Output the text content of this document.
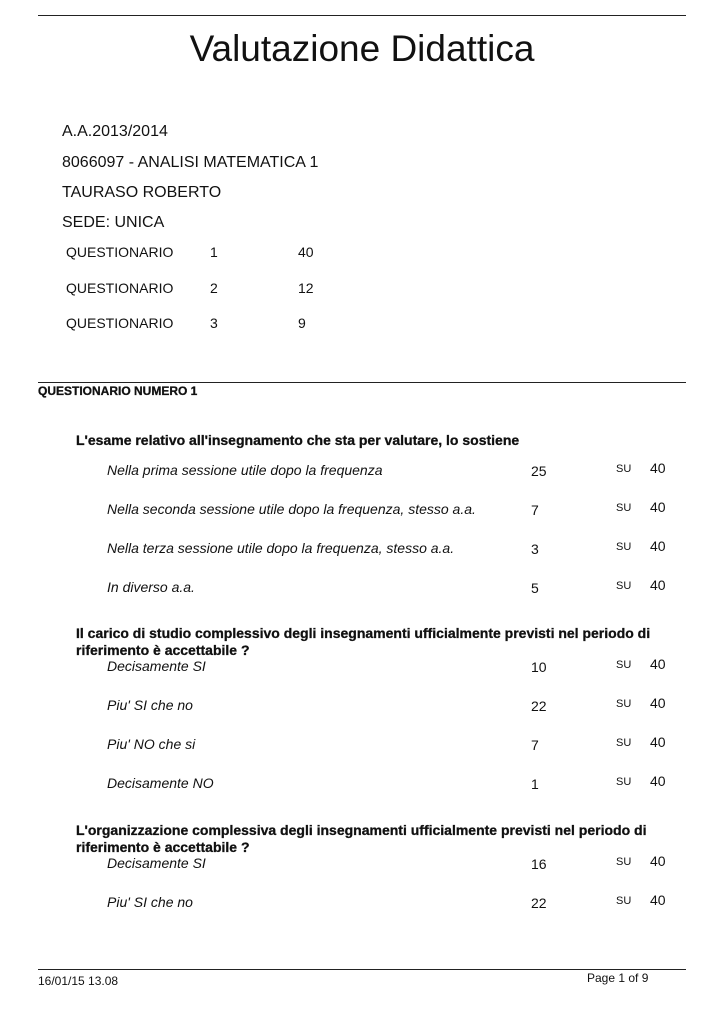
Valutazione Didattica
A.A.2013/2014
8066097 - ANALISI MATEMATICA 1
TAURASO ROBERTO
SEDE: UNICA
QUESTIONARIO	1	40
QUESTIONARIO	2	12
QUESTIONARIO	3	9
QUESTIONARIO NUMERO 1
L'esame relativo all'insegnamento che sta per valutare, lo sostiene
Nella prima sessione utile dopo la frequenza	25	SU 40
Nella seconda sessione utile dopo la frequenza, stesso a.a.	7	SU 40
Nella terza sessione utile dopo la frequenza, stesso a.a.	3	SU 40
In diverso a.a.	5	SU 40
Il carico di studio complessivo degli insegnamenti ufficialmente previsti nel periodo di riferimento è accettabile ?
Decisamente SI	10	SU 40
Piu' SI che no	22	SU 40
Piu' NO che si	7	SU 40
Decisamente NO	1	SU 40
L'organizzazione complessiva degli insegnamenti ufficialmente previsti nel periodo di riferimento è accettabile ?
Decisamente SI	16	SU 40
Piu' SI che no	22	SU 40
16/01/15 13.08	Page 1 of 9
